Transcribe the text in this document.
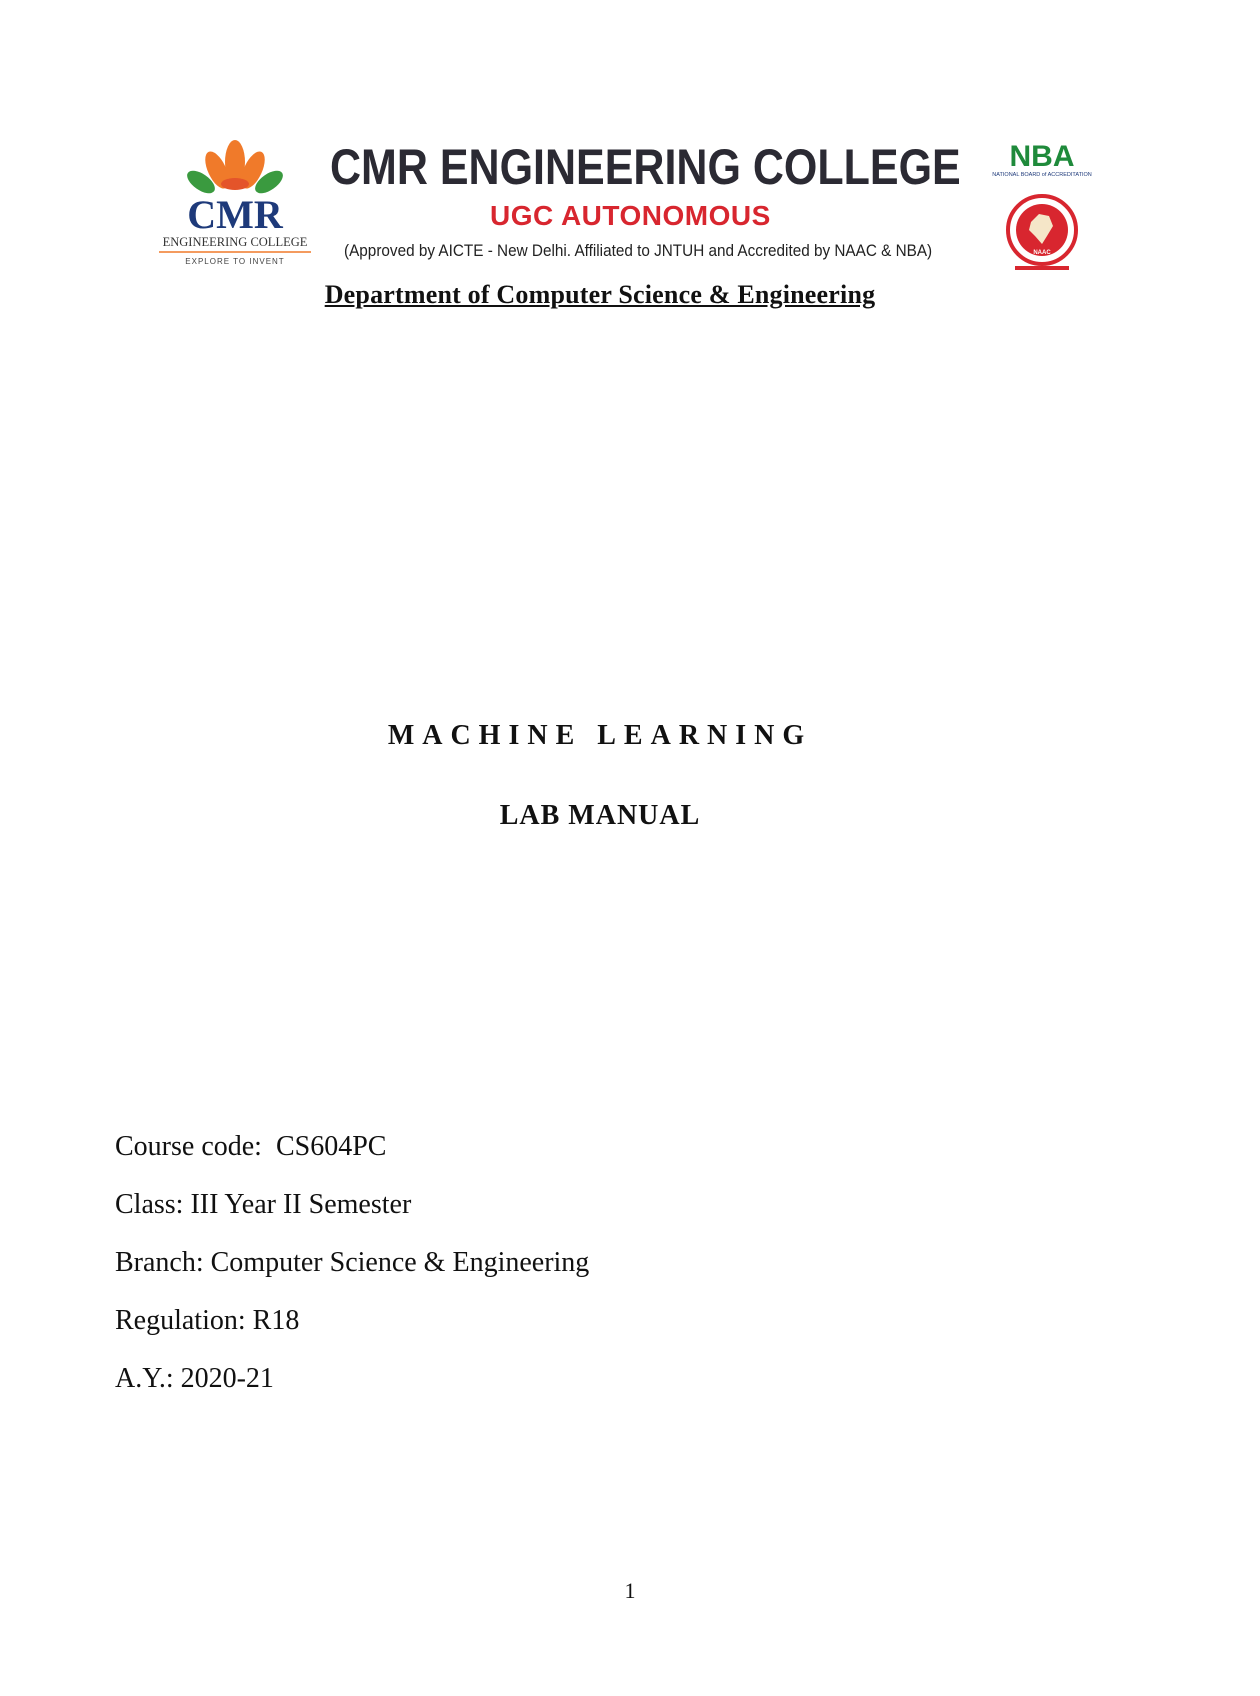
CMR
ENGINEERING COLLEGE
EXPLORE TO INVENT
CMR ENGINEERING COLLEGE
UGC AUTONOMOUS
(Approved by AICTE - New Delhi. Affiliated to JNTUH and Accredited by NAAC & NBA)
NBA
NATIONAL BOARD of ACCREDITATION
NAAC
Department of Computer Science & Engineering
MACHINE LEARNING
LAB MANUAL
Course code:  CS604PC
Class: III Year II Semester
Branch: Computer Science & Engineering
Regulation: R18
A.Y.: 2020-21
1
